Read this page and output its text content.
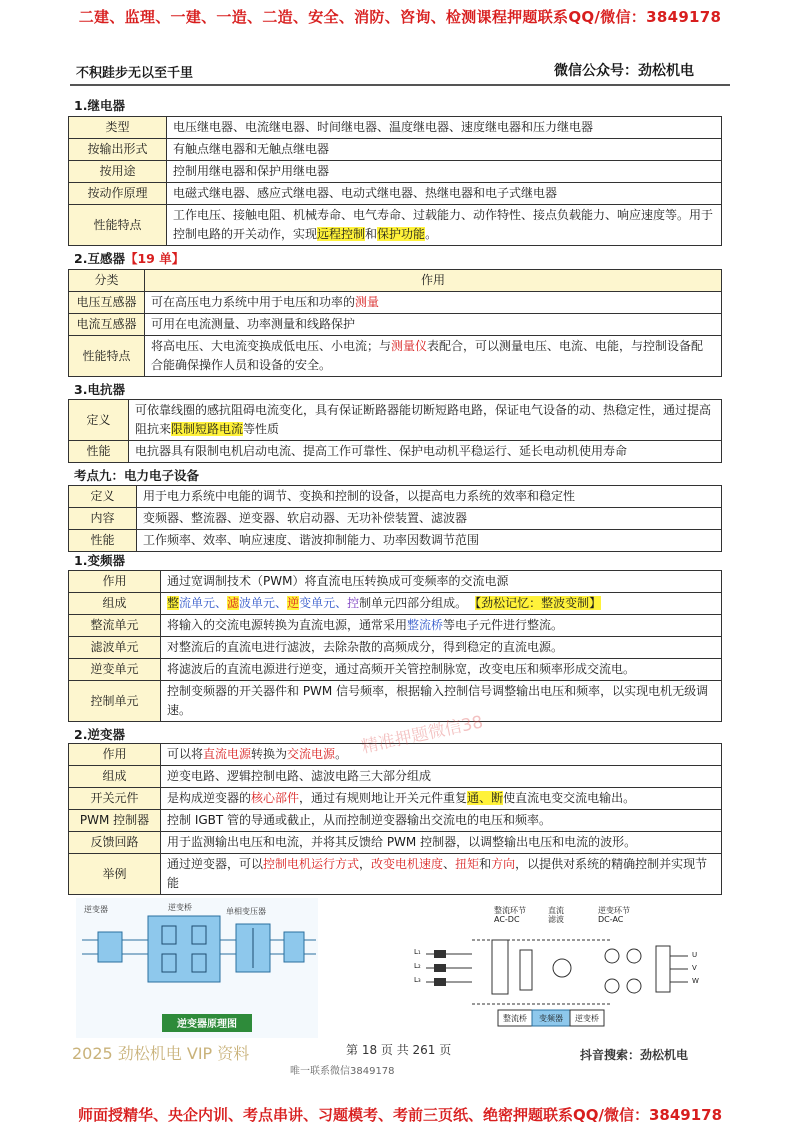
二建、监理、一建、一造、二造、安全、消防、咨询、检测课程押题联系QQ/微信：3849178
不积跬步无以至千里	微信公众号：劲松机电
1.继电器
类型	电压继电器、电流继电器、时间继电器、温度继电器、速度继电器和压力继电器
按输出形式	有触点继电器和无触点继电器
按用途	控制用继电器和保护用继电器
按动作原理	电磁式继电器、感应式继电器、电动式继电器、热继电器和电子式继电器
性能特点	工作电压、接触电阻、机械寿命、电气寿命、过载能力、动作特性、接点负载能力、响应速度等。用于控制电路的开关动作，实现远程控制和保护功能。
2.互感器【19 单】
分类	作用
电压互感器	可在高压电力系统中用于电压和功率的测量
电流互感器	可用在电流测量、功率测量和线路保护
性能特点	将高电压、大电流变换成低电压、小电流；与测量仪表配合，可以测量电压、电流、电能，与控制设备配合能确保操作人员和设备的安全。
3.电抗器
定义	可依靠线圈的感抗阻碍电流变化，具有保证断路器能切断短路电路，保证电气设备的动、热稳定性，通过提高阻抗来限制短路电流等性质
性能	电抗器具有限制电机启动电流、提高工作可靠性、保护电动机平稳运行、延长电动机使用寿命
考点九：电力电子设备
定义	用于电力系统中电能的调节、变换和控制的设备，以提高电力系统的效率和稳定性
内容	变频器、整流器、逆变器、软启动器、无功补偿装置、滤波器
性能	工作频率、效率、响应速度、谐波抑制能力、功率因数调节范围
1.变频器
作用	通过宽调制技术（PWM）将直流电压转换成可变频率的交流电源
组成	整流单元、滤波单元、逆变单元、控制单元四部分组成。 【劲松记忆：整波变制】
整流单元	将输入的交流电源转换为直流电源，通常采用整流桥等电子元件进行整流。
滤波单元	对整流后的直流电进行滤波，去除杂散的高频成分，得到稳定的直流电源。
逆变单元	将滤波后的直流电源进行逆变，通过高频开关管控制脉宽，改变电压和频率形成交流电。
控制单元	控制变频器的开关器件和 PWM 信号频率，根据输入控制信号调整输出电压和频率，以实现电机无级调速。
2.逆变器
作用	可以将直流电源转换为交流电源。
组成	逆变电路、逻辑控制电路、滤波电路三大部分组成
开关元件	是构成逆变器的核心部件，通过有规则地让开关元件重复通、断使直流电变交流电输出。
PWM 控制器	控制 IGBT 管的导通或截止，从而控制逆变器输出交流电的电压和频率。
反馈回路	用于监测输出电压和电流，并将其反馈给 PWM 控制器，以调整输出电压和电流的波形。
举例	通过逆变器，可以控制电机运行方式，改变电机速度、扭矩和方向，以提供对系统的精确控制并实现节能
精准押题微信38
逆变器	逆变桥	单相变压器
逆变器原理图
整流环节
AC-DC
直流
滤波
逆变环节
DC-AC
L₁
L₂
L₃
U
V
W
整流桥	变频器	逆变桥
2025 劲松机电 VIP 资料	第 18 页 共 261 页	抖音搜索：劲松机电
唯一联系微信3849178
师面授精华、央企内训、考点串讲、习题模考、考前三页纸、绝密押题联系QQ/微信：3849178
